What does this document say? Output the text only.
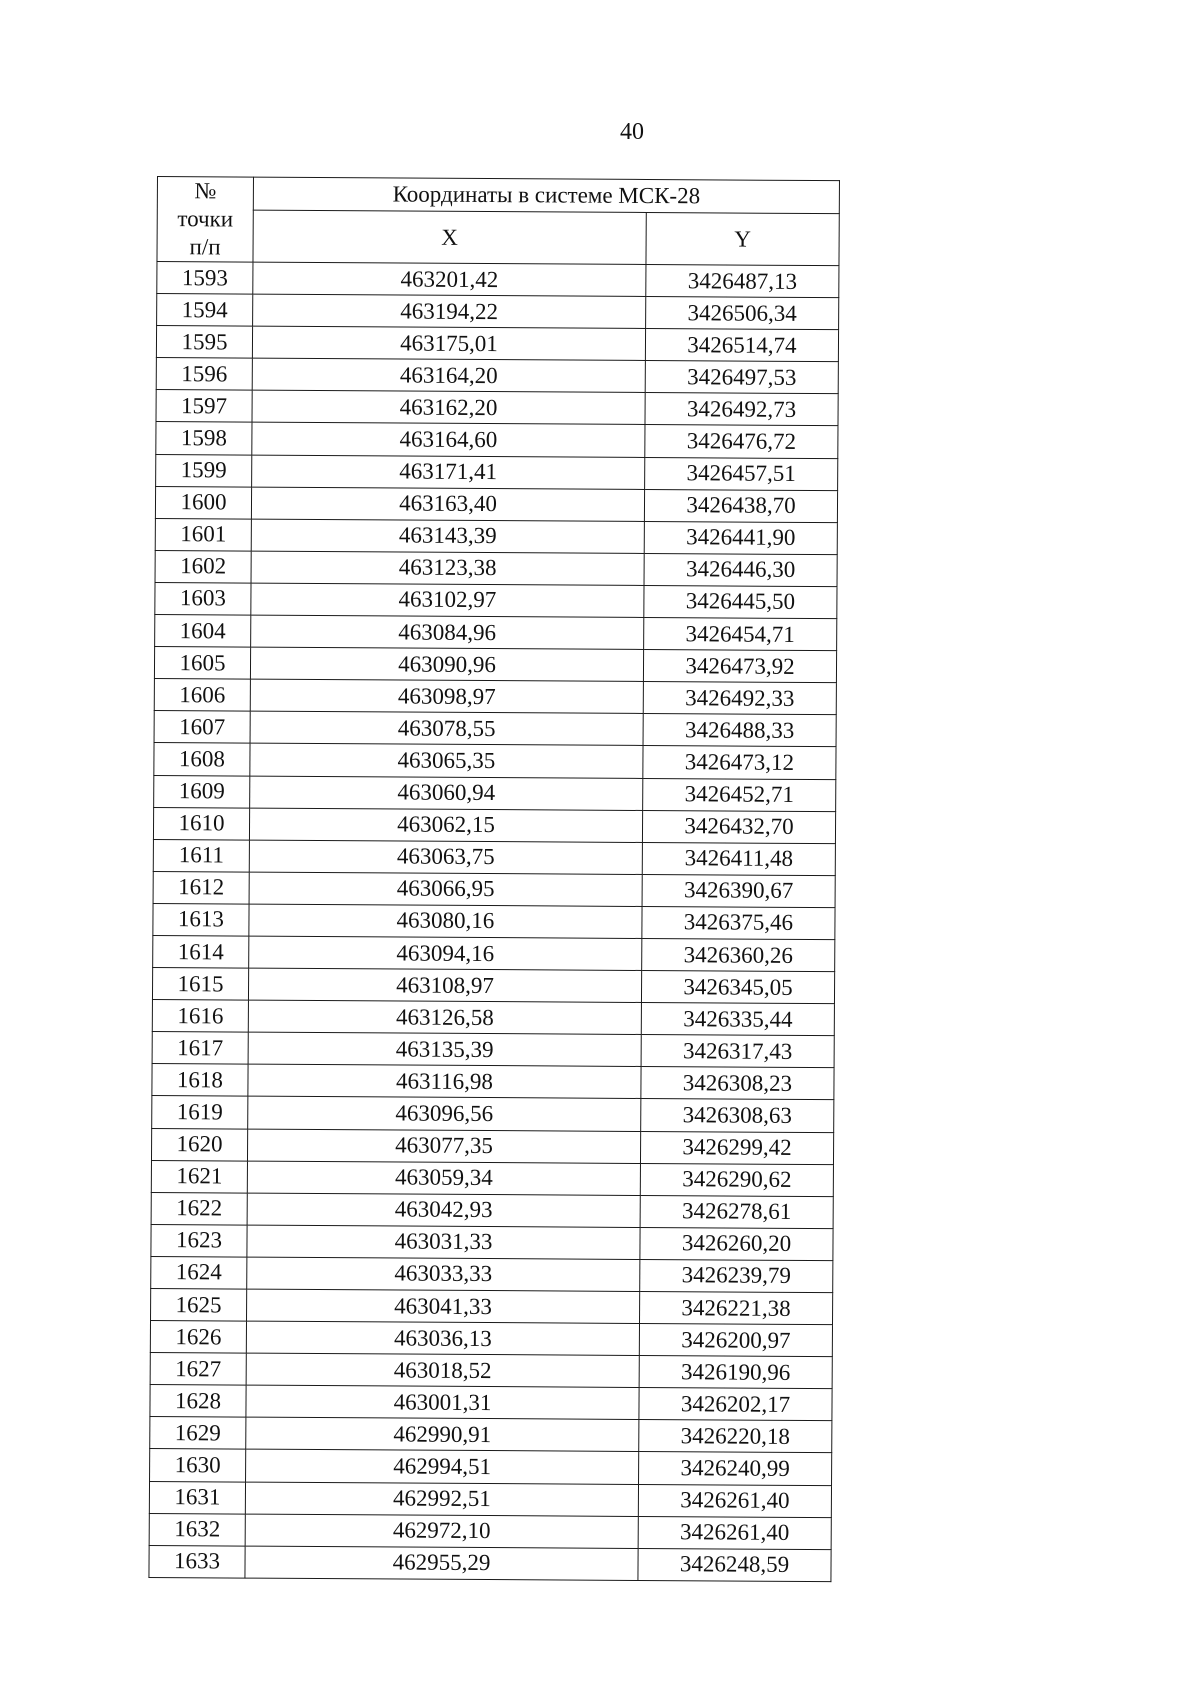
40
№
точки
п/п	Координаты в системе МСК-28	
	X	Y
1593	463201,42	3426487,13
1594	463194,22	3426506,34
1595	463175,01	3426514,74
1596	463164,20	3426497,53
1597	463162,20	3426492,73
1598	463164,60	3426476,72
1599	463171,41	3426457,51
1600	463163,40	3426438,70
1601	463143,39	3426441,90
1602	463123,38	3426446,30
1603	463102,97	3426445,50
1604	463084,96	3426454,71
1605	463090,96	3426473,92
1606	463098,97	3426492,33
1607	463078,55	3426488,33
1608	463065,35	3426473,12
1609	463060,94	3426452,71
1610	463062,15	3426432,70
1611	463063,75	3426411,48
1612	463066,95	3426390,67
1613	463080,16	3426375,46
1614	463094,16	3426360,26
1615	463108,97	3426345,05
1616	463126,58	3426335,44
1617	463135,39	3426317,43
1618	463116,98	3426308,23
1619	463096,56	3426308,63
1620	463077,35	3426299,42
1621	463059,34	3426290,62
1622	463042,93	3426278,61
1623	463031,33	3426260,20
1624	463033,33	3426239,79
1625	463041,33	3426221,38
1626	463036,13	3426200,97
1627	463018,52	3426190,96
1628	463001,31	3426202,17
1629	462990,91	3426220,18
1630	462994,51	3426240,99
1631	462992,51	3426261,40
1632	462972,10	3426261,40
1633	462955,29	3426248,59
